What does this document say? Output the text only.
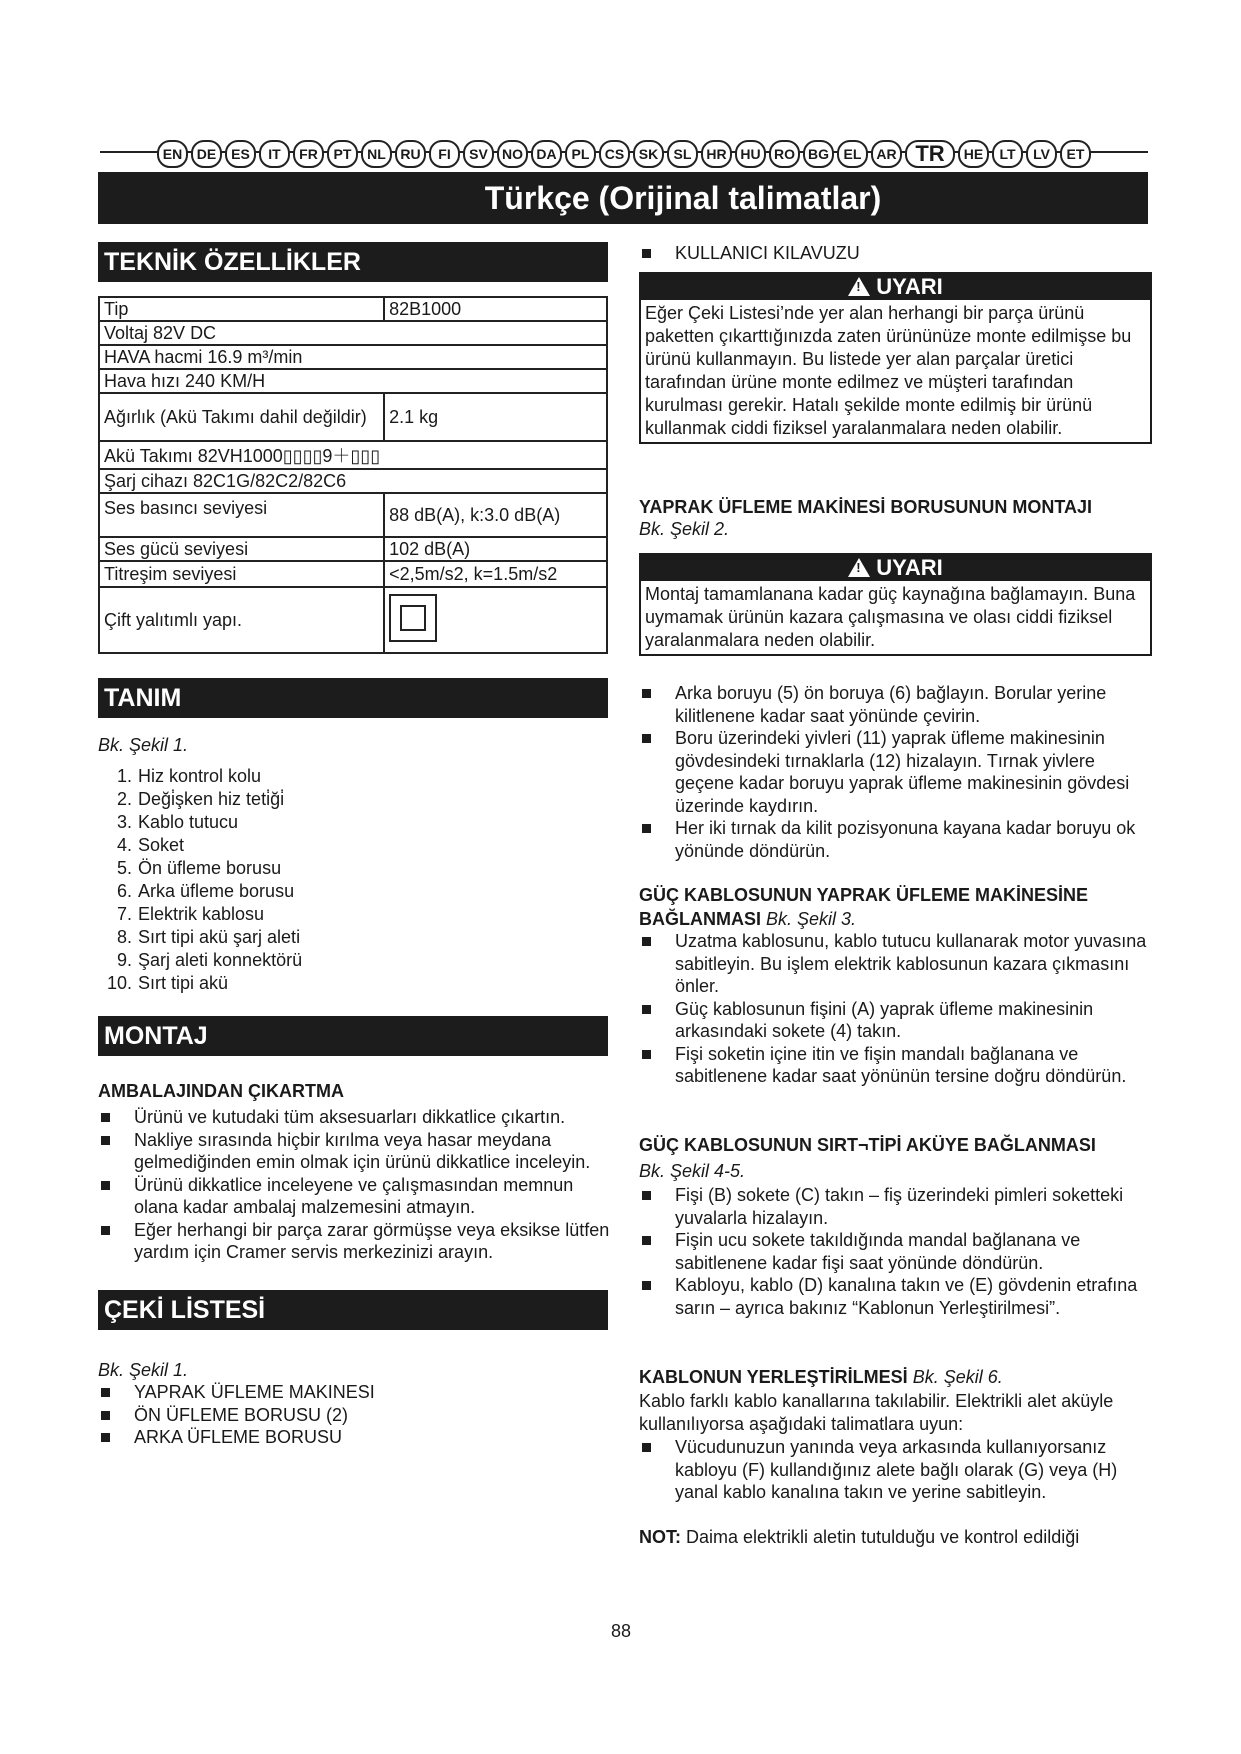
EN	DE	ES	IT	FR	PT	NL	RU	FI	SV	NO DA	PL	CS	SK	SL	HR HU RO BG	EL	AR TR	HE	LT	LV	ET
Türkçe (Orijinal talimatlar)
TEKNİK ÖZELLİKLER
Tip	82B1000
Voltaj 82V DC	
HAVA hacmi 16.9 m³/min	
Hava hızı 240 KM/H	
Ağırlık (Akü Takımı dahil değildir)	2.1 kg
Akü Takımı 82VH1000▯▯▯▯9＋▯▯▯	
Şarj cihazı 82C1G/82C2/82C6	
Ses basıncı seviyesi	88 dB(A), k:3.0 dB(A)
Ses gücü seviyesi	102 dB(A)
Titreşim seviyesi	<2,5m/s2, k=1.5m/s2
Çift yalıtımlı yapı.	
TANIM
Bk. Şekil 1.
1. Hiz kontrol kolu
2. Deği̇şken hiz teti̇ği̇
3. Kablo tutucu
4. Soket
5. Ön üfleme borusu
6. Arka üfleme borusu
7. Elektrik kablosu
8. Sırt tipi akü şarj aleti
9. Şarj aleti konnektörü
10. Sırt tipi akü
MONTAJ
AMBALAJINDAN ÇIKARTMA
Ürünü ve kutudaki tüm aksesuarları dikkatlice çıkartın.
Nakliye sırasında hiçbir kırılma veya hasar meydana gelmediğinden emin olmak için ürünü dikkatlice inceleyin.
Ürünü dikkatlice inceleyene ve çalışmasından memnun olana kadar ambalaj malzemesini atmayın.
Eğer herhangi bir parça zarar görmüşse veya eksikse lütfen yardım için Cramer servis merkezinizi arayın.
ÇEKİ LİSTESİ
Bk. Şekil 1.
YAPRAK ÜFLEME MAKINESI
ÖN ÜFLEME BORUSU (2)
ARKA ÜFLEME BORUSU
KULLANICI KILAVUZU
!UYARI
Eğer Çeki Listesi’nde yer alan herhangi bir parça ürünü paketten çıkarttığınızda zaten ürününüze monte edilmişse bu ürünü kullanmayın. Bu listede yer alan parçalar üretici tarafından ürüne monte edilmez ve müşteri tarafından kurulması gerekir. Hatalı şekilde monte edilmiş bir ürünü kullanmak ciddi fiziksel yaralanmalara neden olabilir.
YAPRAK ÜFLEME MAKİNESİ BORUSUNUN MONTAJI
Bk. Şekil 2.
!UYARI
Montaj tamamlanana kadar güç kaynağına bağlamayın. Buna uymamak ürünün kazara çalışmasına ve olası ciddi fiziksel yaralanmalara neden olabilir.
Arka boruyu (5) ön boruya (6) bağlayın. Borular yerine kilitlenene kadar saat yönünde çevirin.
Boru üzerindeki yivleri (11) yaprak üfleme makinesinin gövdesindeki tırnaklarla (12) hizalayın. Tırnak yivlere geçene kadar boruyu yaprak üfleme makinesinin gövdesi üzerinde kaydırın.
Her iki tırnak da kilit pozisyonuna kayana kadar boruyu ok yönünde döndürün.
GÜÇ KABLOSUNUN YAPRAK ÜFLEME MAKİNESİNE
BAĞLANMASI Bk. Şekil 3.
Uzatma kablosunu, kablo tutucu kullanarak motor yuvasına sabitleyin. Bu işlem elektrik kablosunun kazara çıkmasını önler.
Güç kablosunun fişini (A) yaprak üfleme makinesinin arkasındaki sokete (4) takın.
Fişi soketin içine itin ve fişin mandalı bağlanana ve sabitlenene kadar saat yönünün tersine doğru döndürün.
GÜÇ KABLOSUNUN SIRT¬TİPİ AKÜYE BAĞLANMASI
Bk. Şekil 4-5.
Fişi (B) sokete (C) takın – fiş üzerindeki pimleri soketteki yuvalarla hizalayın.
Fişin ucu sokete takıldığında mandal bağlanana ve sabitlenene kadar fişi saat yönünde döndürün.
Kabloyu, kablo (D) kanalına takın ve (E) gövdenin etrafına sarın – ayrıca bakınız “Kablonun Yerleştirilmesi”.
KABLONUN YERLEŞTİRİLMESİ Bk. Şekil 6.
Kablo farklı kablo kanallarına takılabilir. Elektrikli alet aküyle kullanılıyorsa aşağıdaki talimatlara uyun:
Vücudunuzun yanında veya arkasında kullanıyorsanız kabloyu (F) kullandığınız alete bağlı olarak (G) veya (H) yanal kablo kanalına takın ve yerine sabitleyin.
NOT: Daima elektrikli aletin tutulduğu ve kontrol edildiği
88
